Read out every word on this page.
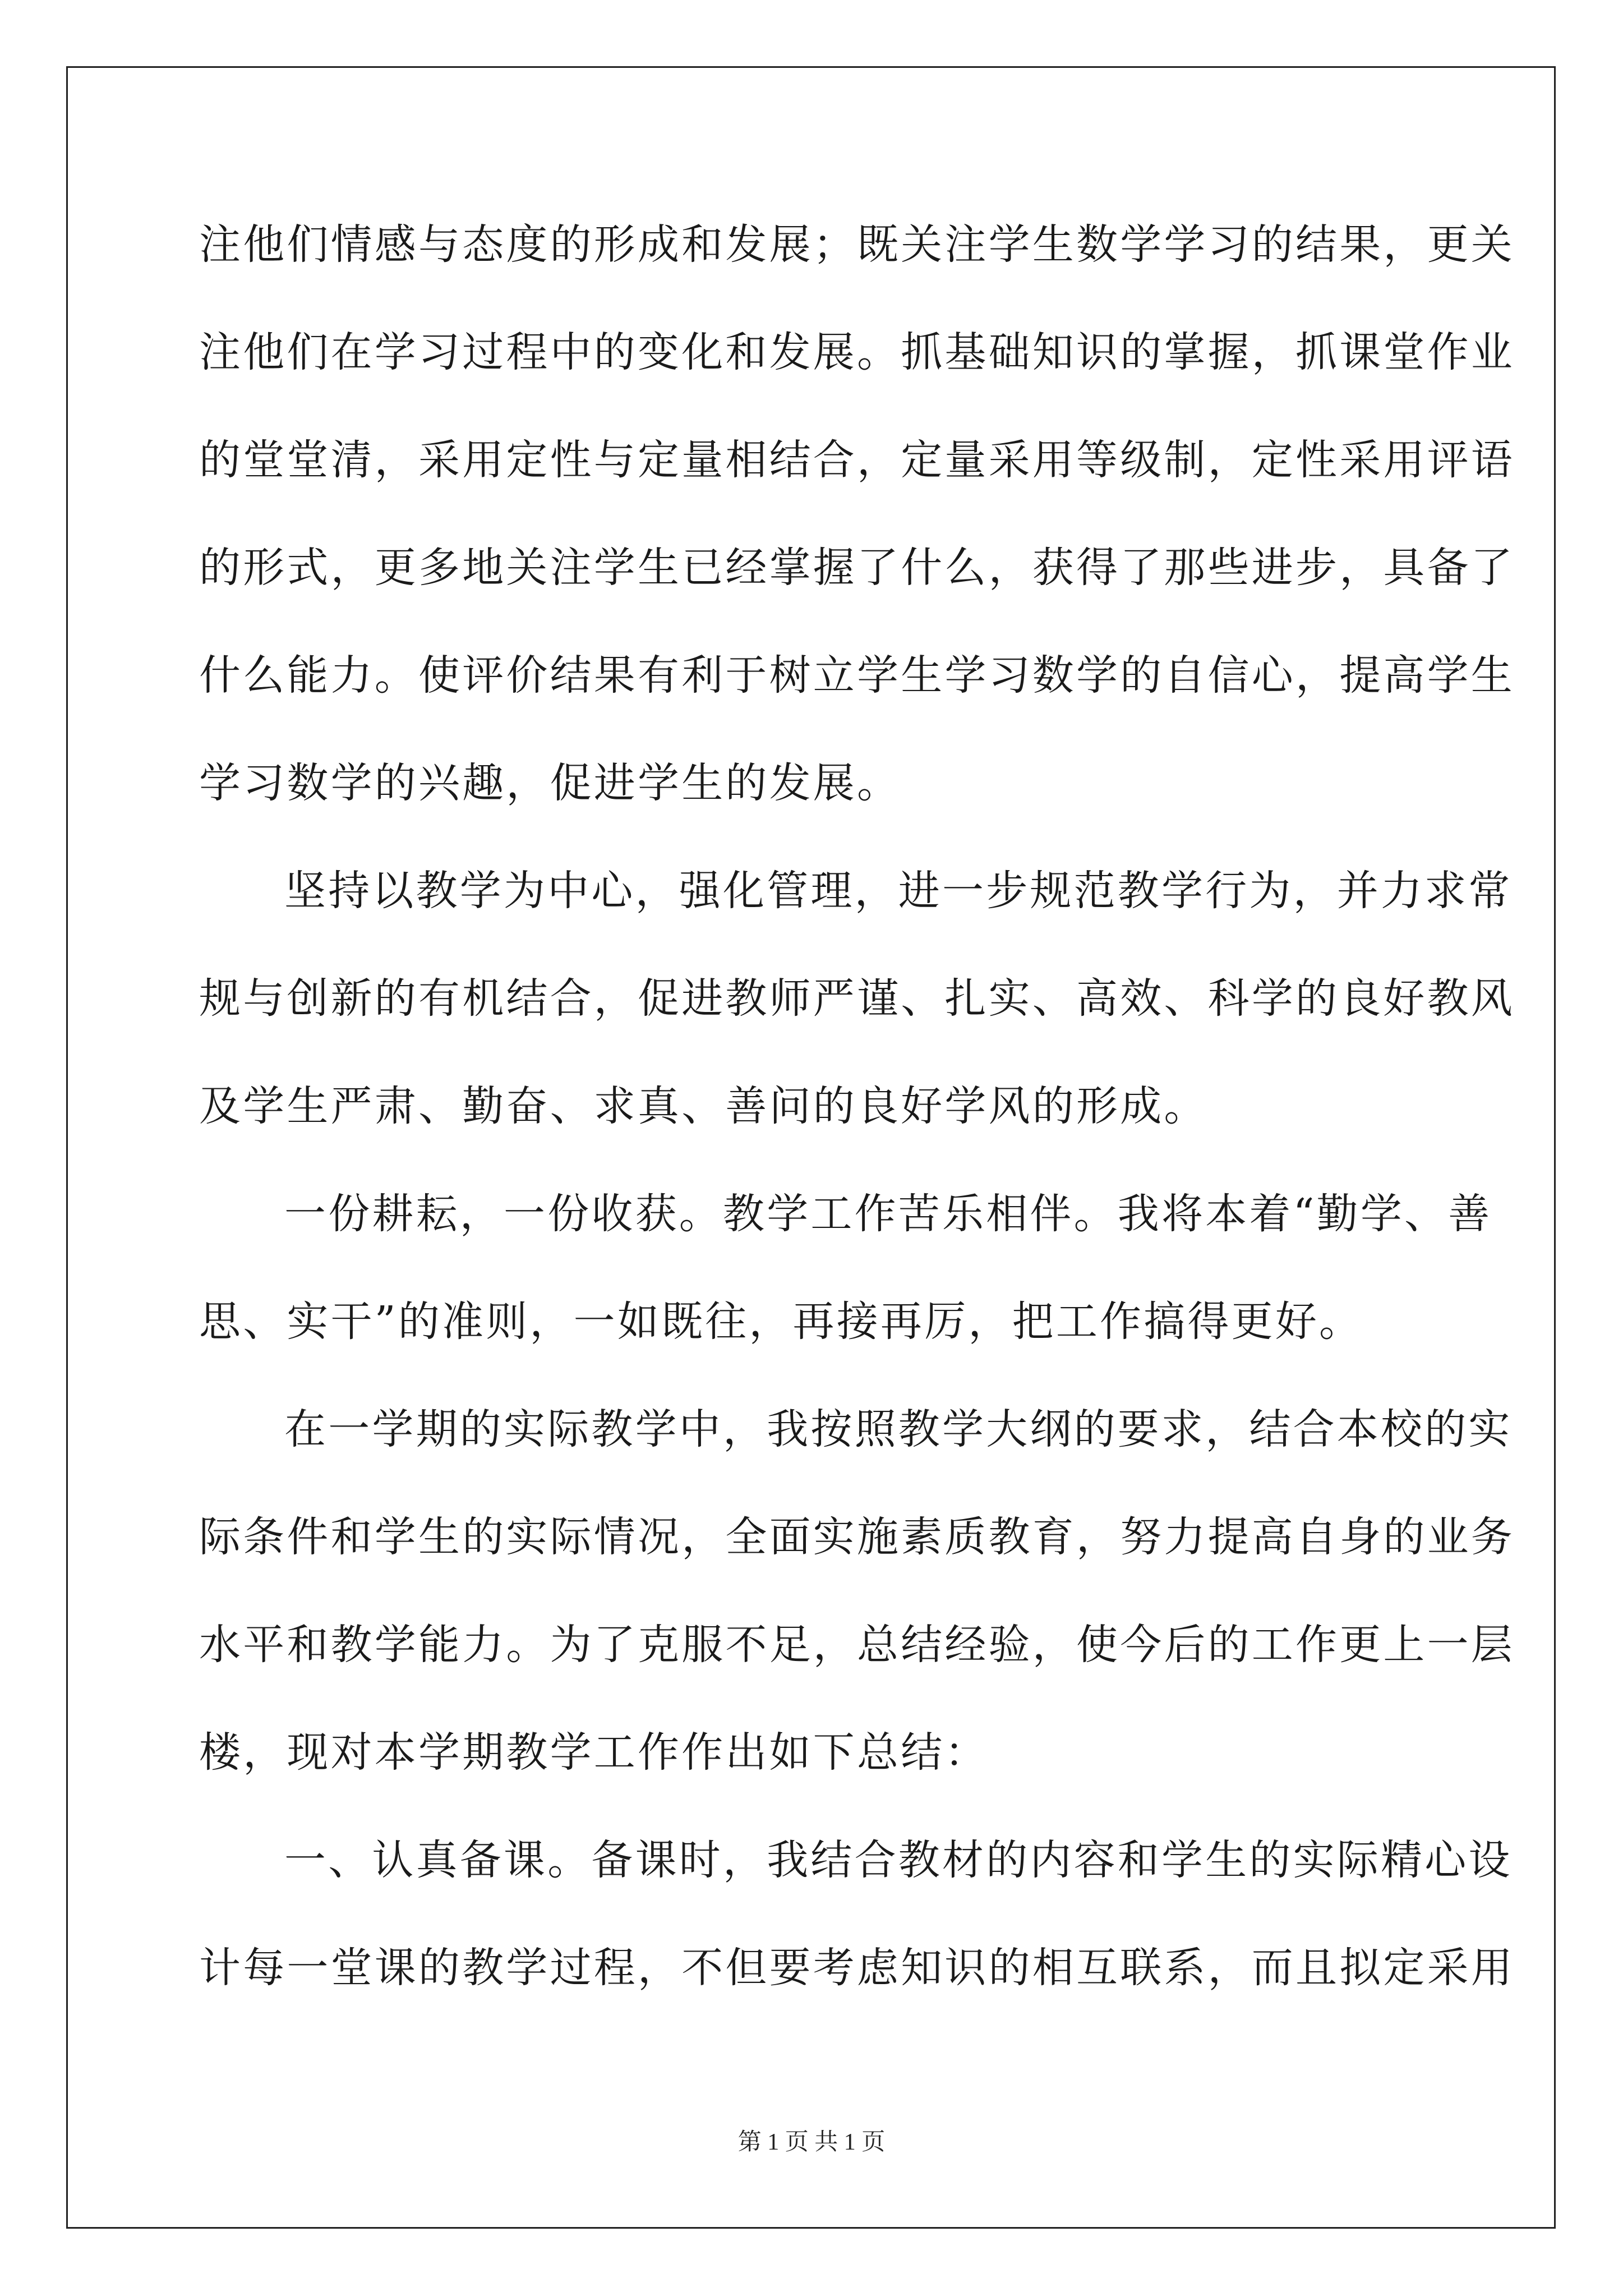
注他们情感与态度的形成和发展；既关注学生数学学习的结果，更关
注他们在学习过程中的变化和发展。抓基础知识的掌握，抓课堂作业
的堂堂清，采用定性与定量相结合，定量采用等级制，定性采用评语
的形式，更多地关注学生已经掌握了什么，获得了那些进步，具备了
什么能力。使评价结果有利于树立学生学习数学的自信心，提高学生
学习数学的兴趣，促进学生的发展。
坚持以教学为中心，强化管理，进一步规范教学行为，并力求常
规与创新的有机结合，促进教师严谨、扎实、高效、科学的良好教风
及学生严肃、勤奋、求真、善问的良好学风的形成。
一份耕耘，一份收获。教学工作苦乐相伴。我将本着“勤学、善
思、实干”的准则，一如既往，再接再厉，把工作搞得更好。
在一学期的实际教学中，我按照教学大纲的要求，结合本校的实
际条件和学生的实际情况，全面实施素质教育，努力提高自身的业务
水平和教学能力。为了克服不足，总结经验，使今后的工作更上一层
楼，现对本学期教学工作作出如下总结：
一、认真备课。备课时，我结合教材的内容和学生的实际精心设
计每一堂课的教学过程，不但要考虑知识的相互联系，而且拟定采用
第 1 页 共 1 页
